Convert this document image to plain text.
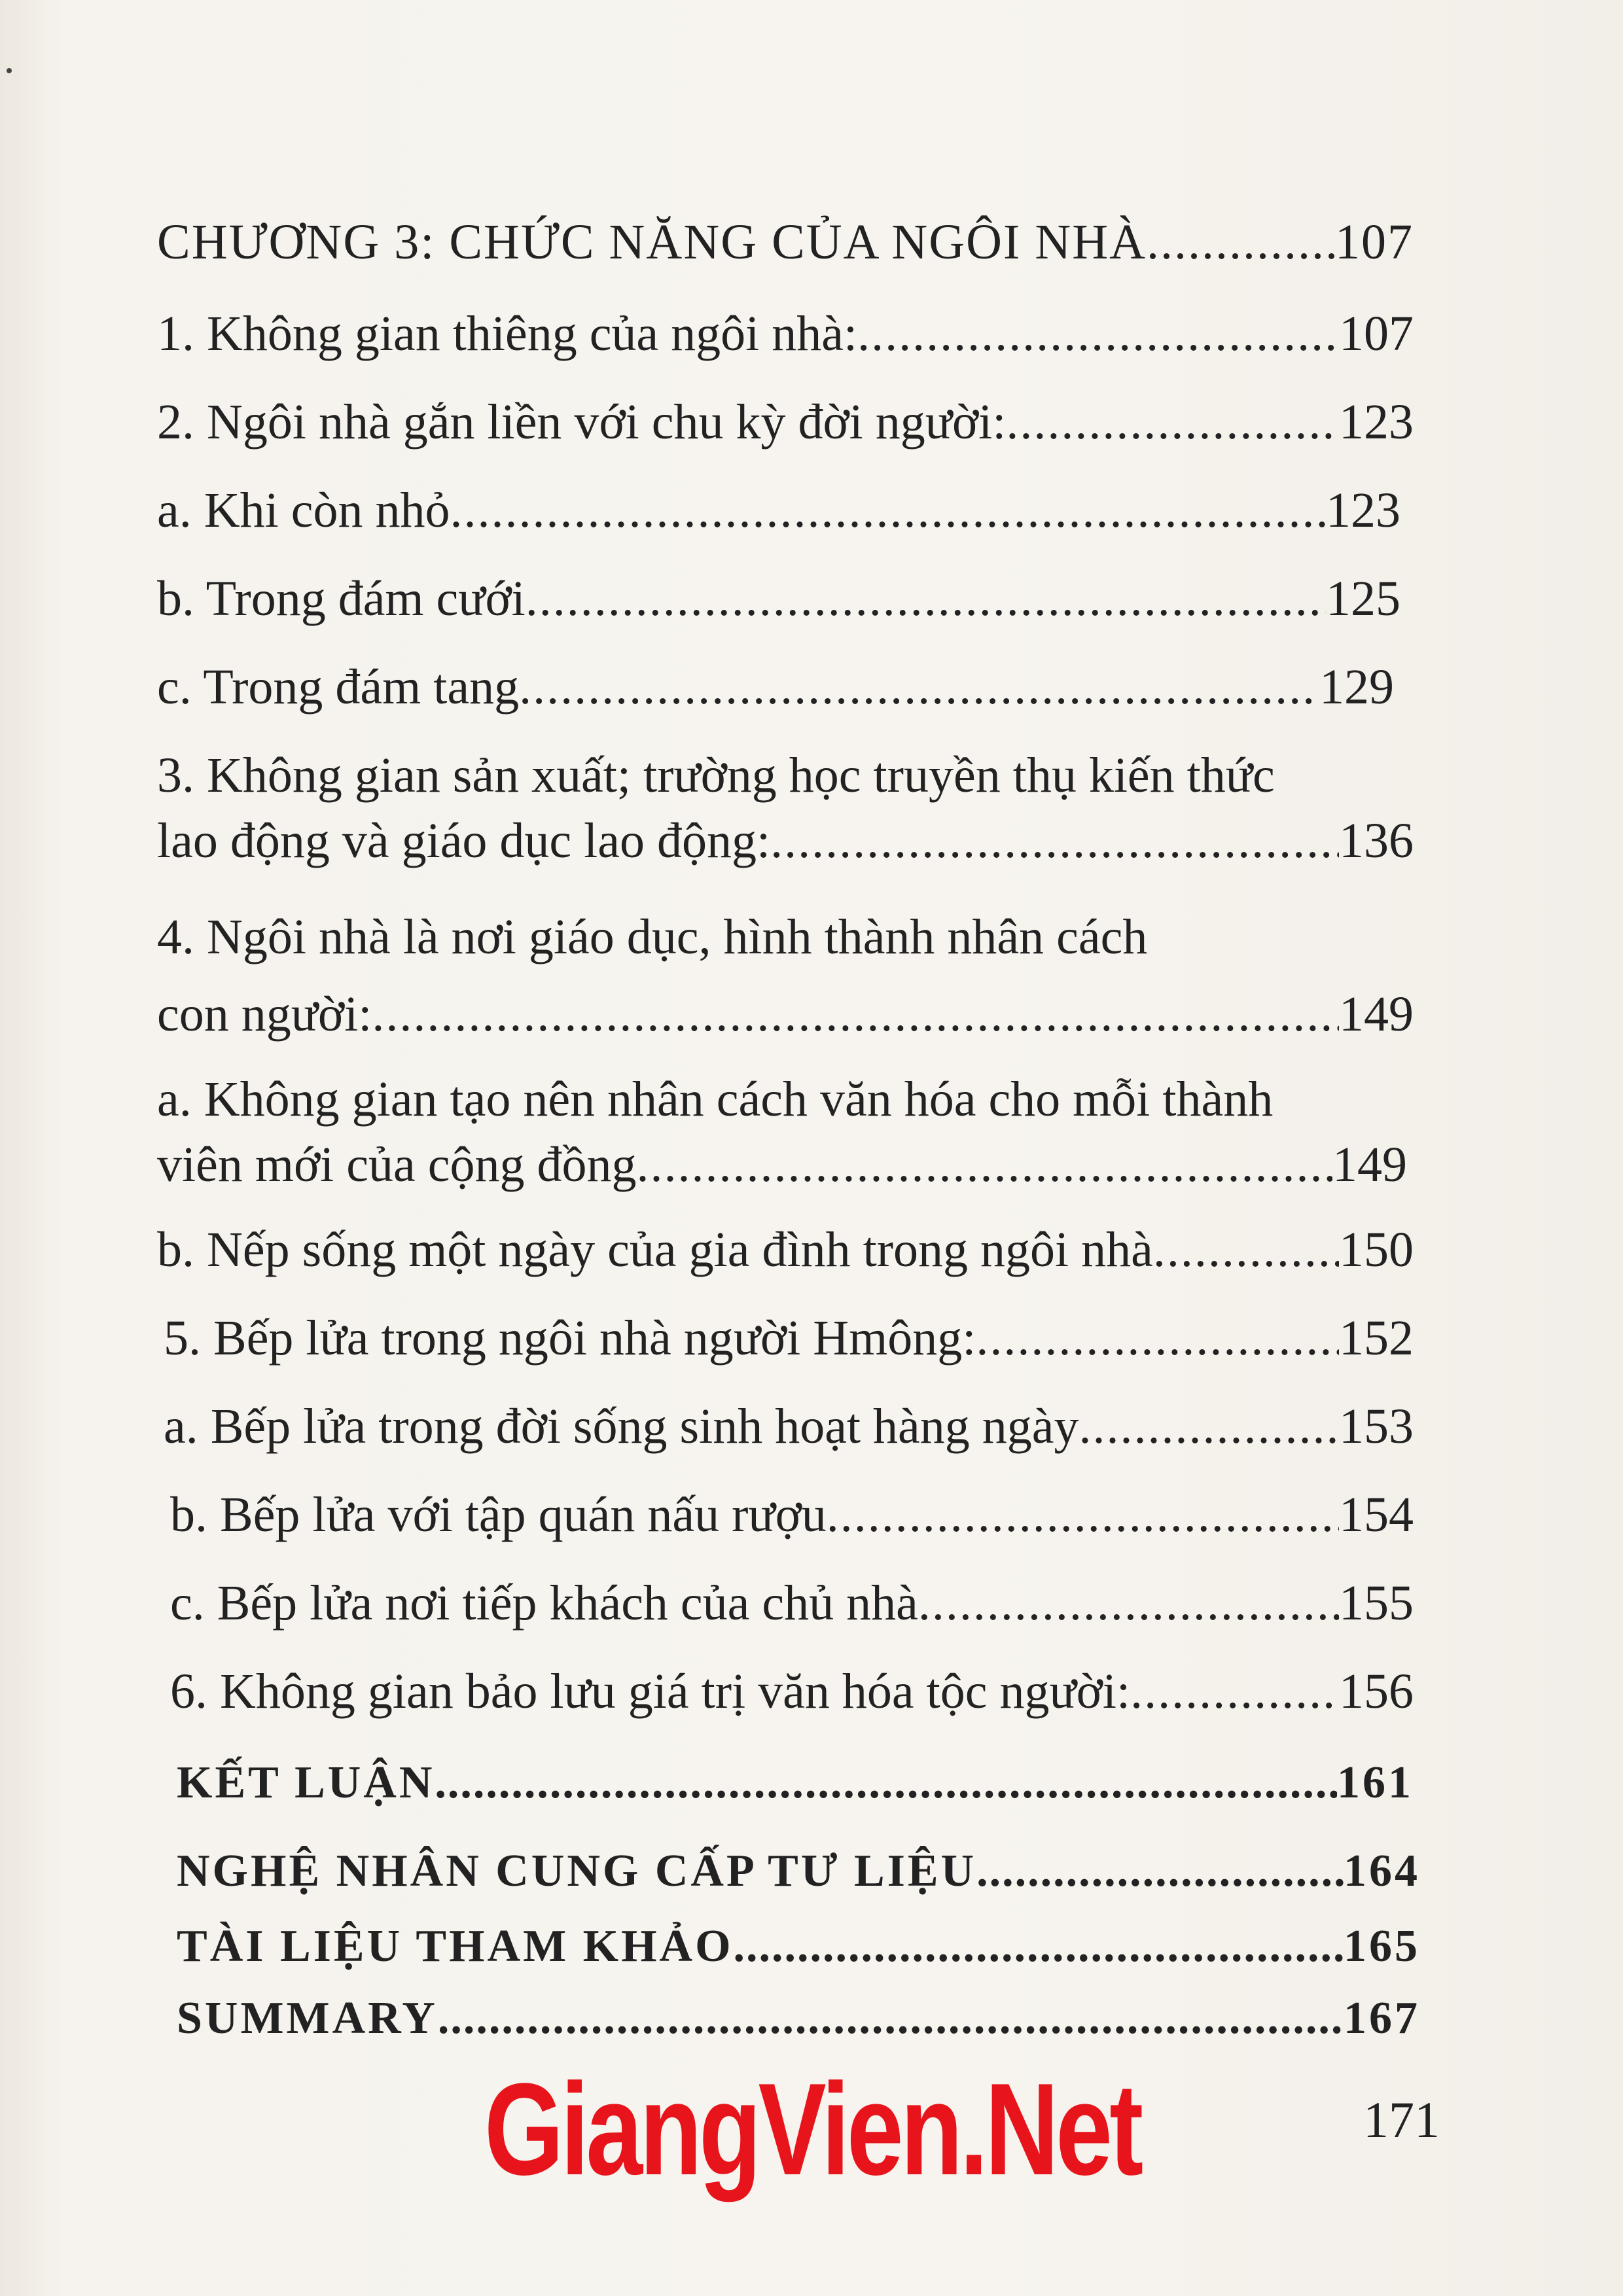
CHƯƠNG 3: CHỨC NĂNG CỦA NGÔI NHÀ .....	107
1. Không gian thiêng của ngôi nhà: .....	107
2. Ngôi nhà gắn liền với chu kỳ đời người: .....	123
a. Khi còn nhỏ .....	123
b. Trong đám cưới .....	125
c. Trong đám tang .....	129
3. Không gian sản xuất; trường học truyền thụ kiến thức
lao động và giáo dục lao động: .....	136
4. Ngôi nhà là nơi giáo dục, hình thành nhân cách
con người: .....	149
a. Không gian tạo nên nhân cách văn hóa cho mỗi thành
viên mới của cộng đồng .....	149
b. Nếp sống một ngày của gia đình trong ngôi nhà .....	150
5. Bếp lửa trong ngôi nhà người Hmông: .....	152
a. Bếp lửa trong đời sống sinh hoạt hàng ngày .....	153
b. Bếp lửa với tập quán nấu rượu .....	154
c. Bếp lửa nơi tiếp khách của chủ nhà .....	155
6. Không gian bảo lưu giá trị văn hóa tộc người: .....	156
KẾT LUẬN .....	161
NGHỆ NHÂN CUNG CẤP TƯ LIỆU .....	164
TÀI LIỆU THAM KHẢO .....	165
SUMMARY .....	167
GiangVien.Net	171
